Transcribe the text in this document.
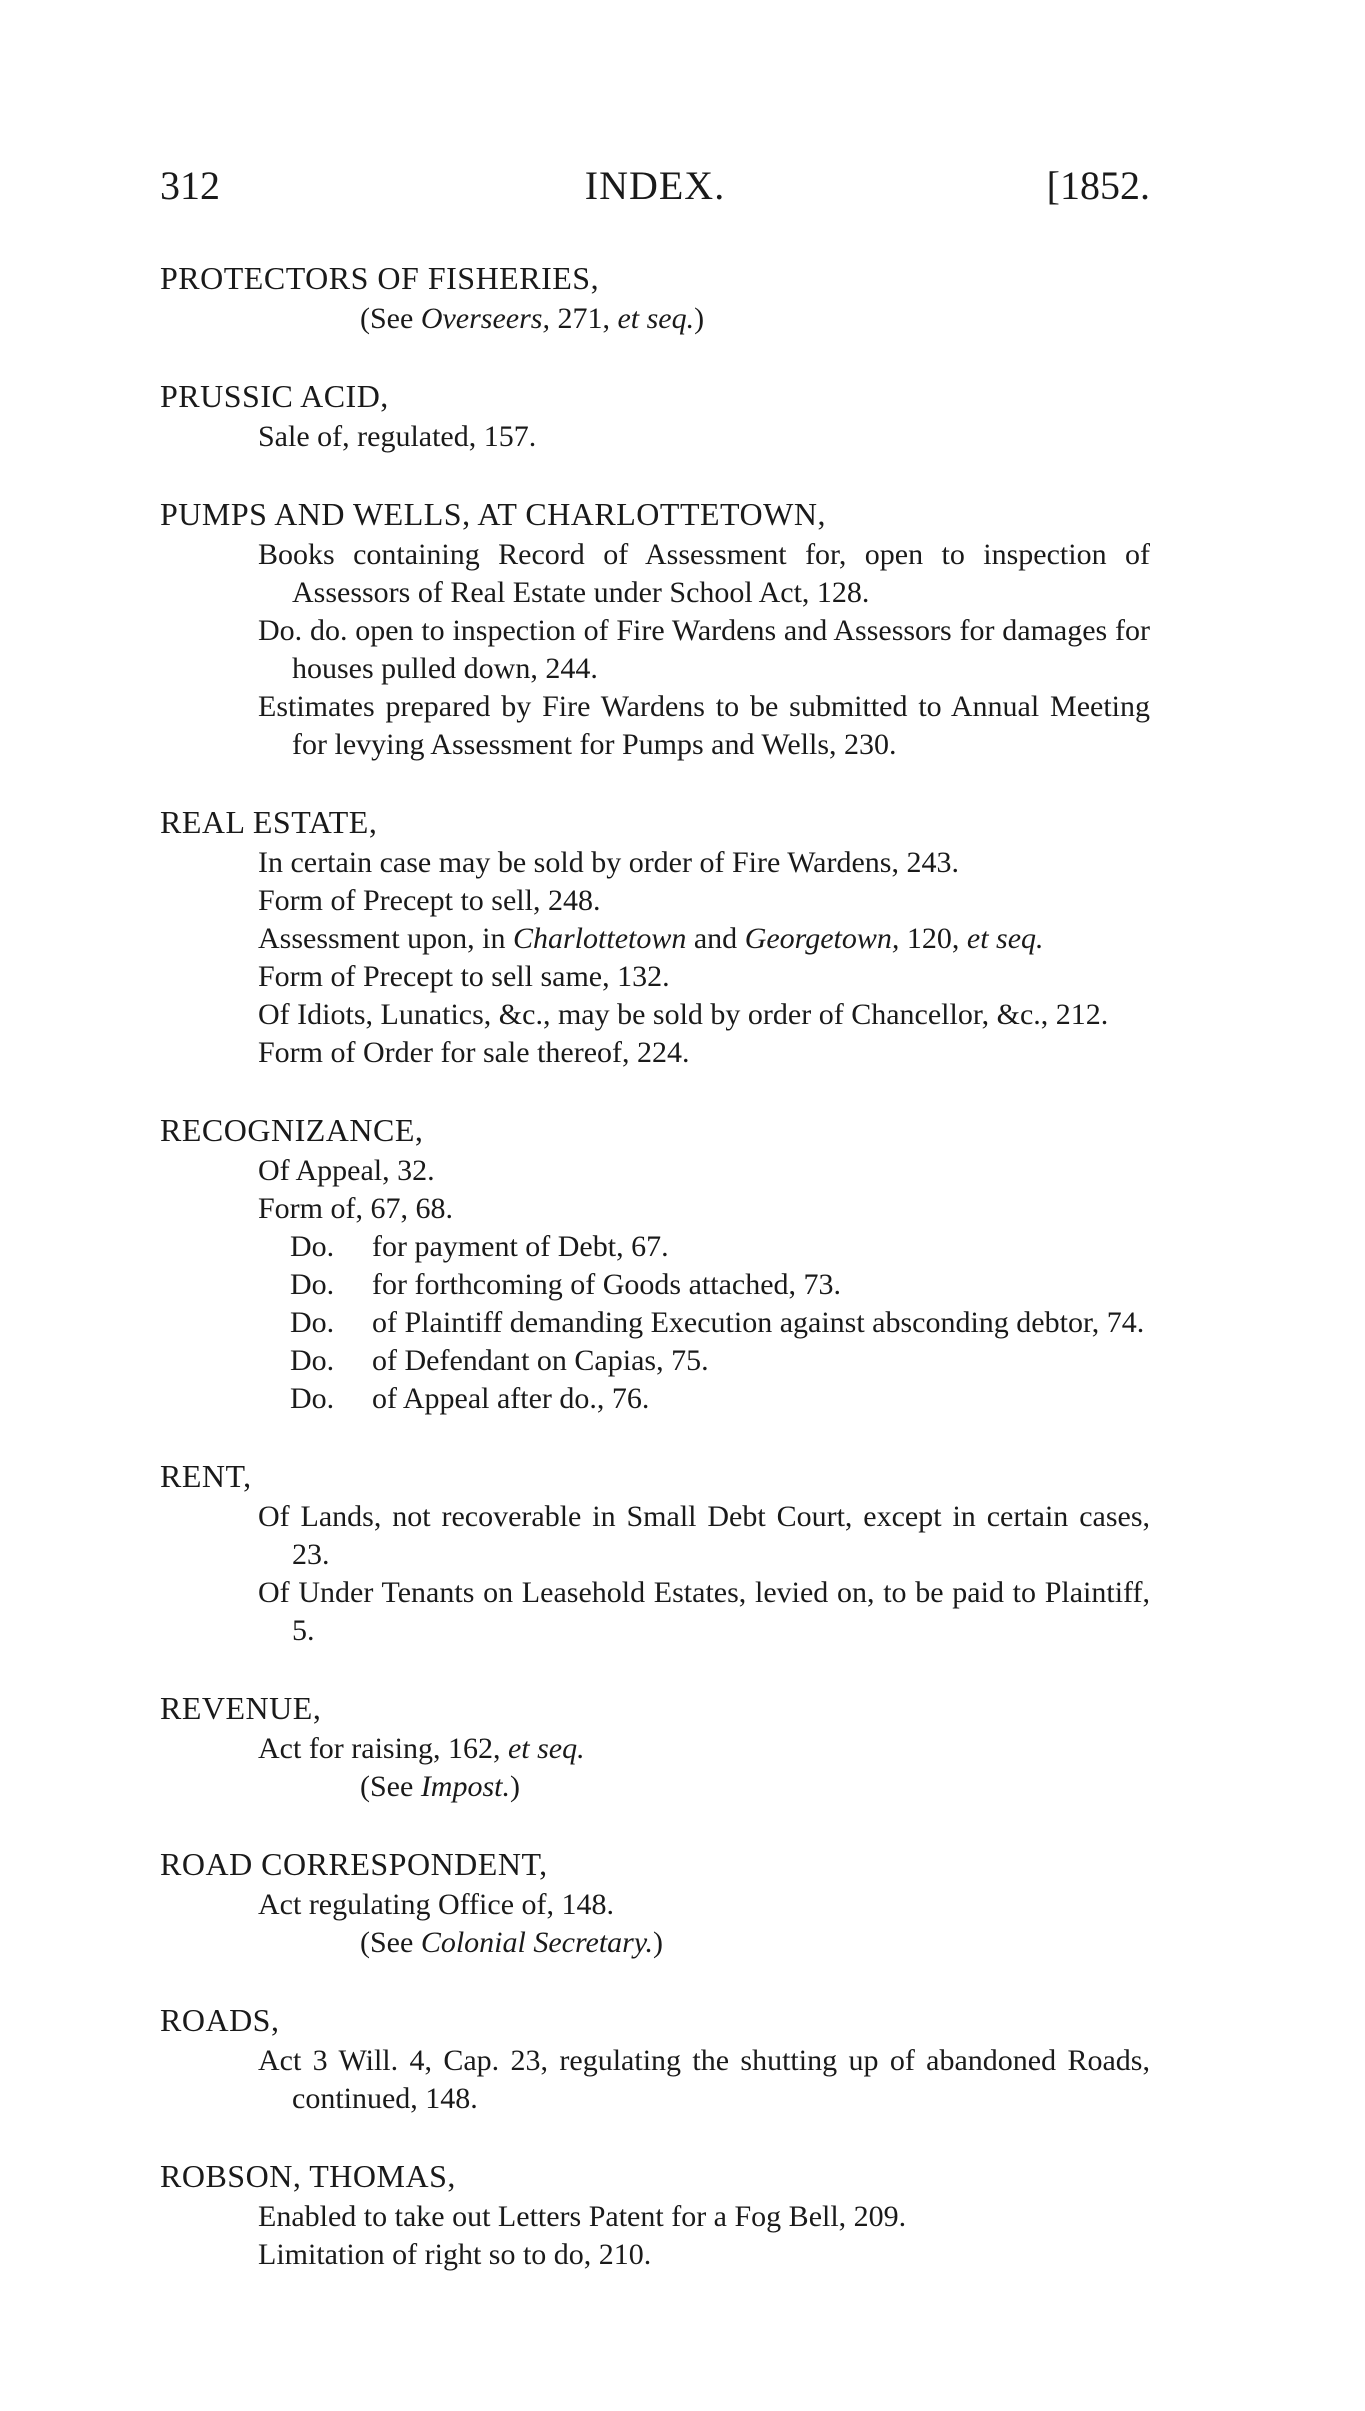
312	INDEX.	[1852.
PROTECTORS OF FISHERIES,

(See Overseers, 271, et seq.)

PRUSSIC ACID,

Sale of, regulated, 157.

PUMPS AND WELLS, AT CHARLOTTETOWN,

Books containing Record of Assessment for, open to inspection of Assessors of Real Estate under School Act, 128.

Do. do. open to inspection of Fire Wardens and Assessors for damages for houses pulled down, 244.

Estimates prepared by Fire Wardens to be submitted to Annual Meeting for levying Assessment for Pumps and Wells, 230.

REAL ESTATE,

In certain case may be sold by order of Fire Wardens, 243.

Form of Precept to sell, 248.

Assessment upon, in Charlottetown and Georgetown, 120, et seq.

Form of Precept to sell same, 132.

Of Idiots, Lunatics, &c., may be sold by order of Chancellor, &c., 212.

Form of Order for sale thereof, 224.

RECOGNIZANCE,

Of Appeal, 32.

Form of, 67, 68.

Do.	for payment of Debt, 67.

Do.	for forthcoming of Goods attached, 73.

Do.	of Plaintiff demanding Execution against absconding debtor, 74.

Do.	of Defendant on Capias, 75.

Do.	of Appeal after do., 76.

RENT,

Of Lands, not recoverable in Small Debt Court, except in certain cases, 23.

Of Under Tenants on Leasehold Estates, levied on, to be paid to Plaintiff, 5.

REVENUE,

Act for raising, 162, et seq.

(See Impost.)

ROAD CORRESPONDENT,

Act regulating Office of, 148.

(See Colonial Secretary.)

ROADS,

Act 3 Will. 4, Cap. 23, regulating the shutting up of abandoned Roads, continued, 148.

ROBSON, THOMAS,

Enabled to take out Letters Patent for a Fog Bell, 209.

Limitation of right so to do, 210.
